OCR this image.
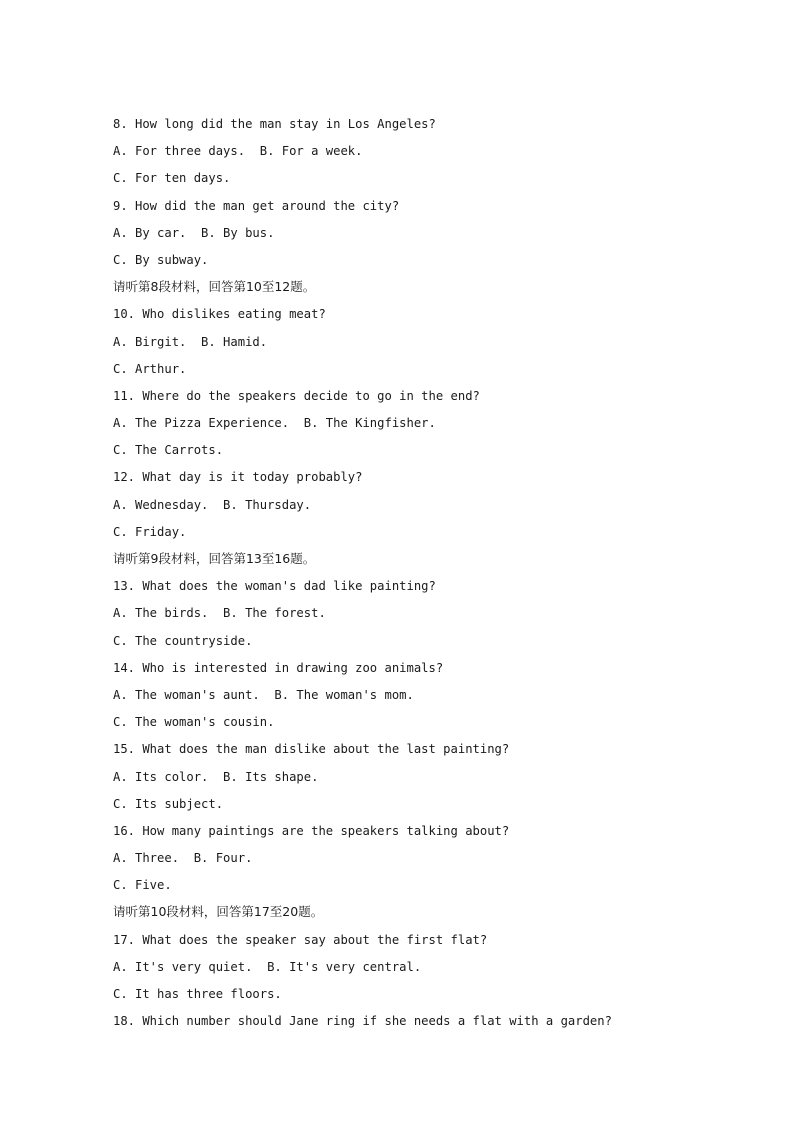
8. How long did the man stay in Los Angeles?
A. For three days.  B. For a week.
C. For ten days.
9. How did the man get around the city?
A. By car.  B. By bus.
C. By subway.
请听第8段材料，回答第10至12题。
10. Who dislikes eating meat?
A. Birgit.  B. Hamid.
C. Arthur.
11. Where do the speakers decide to go in the end?
A. The Pizza Experience.  B. The Kingfisher.
C. The Carrots.
12. What day is it today probably?
A. Wednesday.  B. Thursday.
C. Friday.
请听第9段材料，回答第13至16题。
13. What does the woman's dad like painting?
A. The birds.  B. The forest.
C. The countryside.
14. Who is interested in drawing zoo animals?
A. The woman's aunt.  B. The woman's mom.
C. The woman's cousin.
15. What does the man dislike about the last painting?
A. Its color.  B. Its shape.
C. Its subject.
16. How many paintings are the speakers talking about?
A. Three.  B. Four.
C. Five.
请听第10段材料，回答第17至20题。
17. What does the speaker say about the first flat?
A. It's very quiet.  B. It's very central.
C. It has three floors.
18. Which number should Jane ring if she needs a flat with a garden?
